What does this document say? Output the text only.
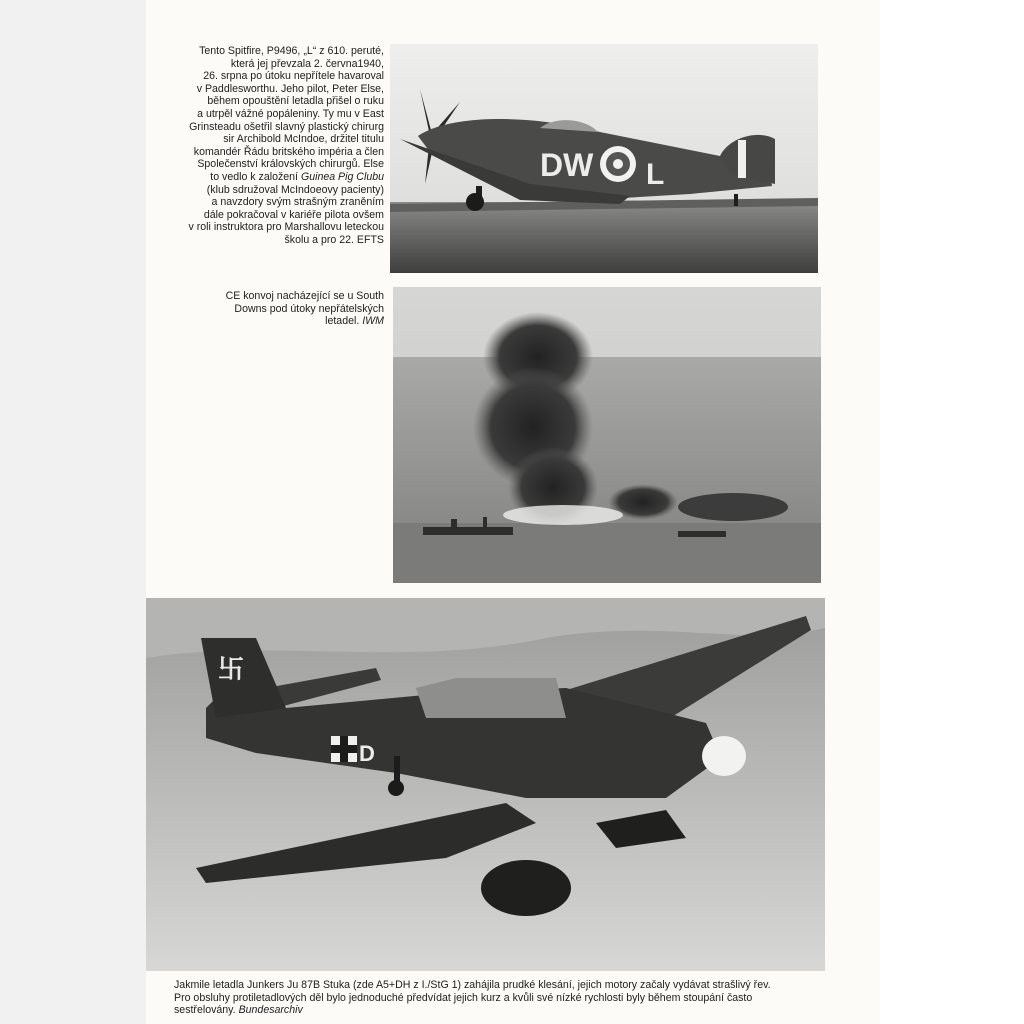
Tento Spitfire, P9496, „L“ z 610. peruté,
která jej převzala 2. června1940,
26. srpna po útoku nepřítele havaroval
v Paddlesworthu. Jeho pilot, Peter Else,
během opouštění letadla přišel o ruku
a utrpěl vážné popáleniny. Ty mu v East
Grinsteadu ošetřil slavný plastický chirurg
sir Archibold McIndoe, držitel titulu
komandér Řádu britského impéria a člen
Společenství královských chirurgů. Else
to vedlo k založení Guinea Pig Clubu
(klub sdružoval McIndoeovy pacienty)
a navzdory svým strašným zraněním
dále pokračoval v kariéře pilota ovšem
v roli instruktora pro Marshallovu leteckou
školu a pro 22. EFTS
DW L
CE konvoj nacházející se u South
Downs pod útoky nepřátelských
letadel. IWM
卐
D
Jakmile letadla Junkers Ju 87B Stuka (zde A5+DH z I./StG 1) zahájila prudké klesání, jejich motory začaly vydávat strašlivý řev.
Pro obsluhy protiletadlových děl bylo jednoduché předvídat jejich kurz a kvůli své nízké rychlosti byly během stoupání často
sestřelovány. Bundesarchiv
